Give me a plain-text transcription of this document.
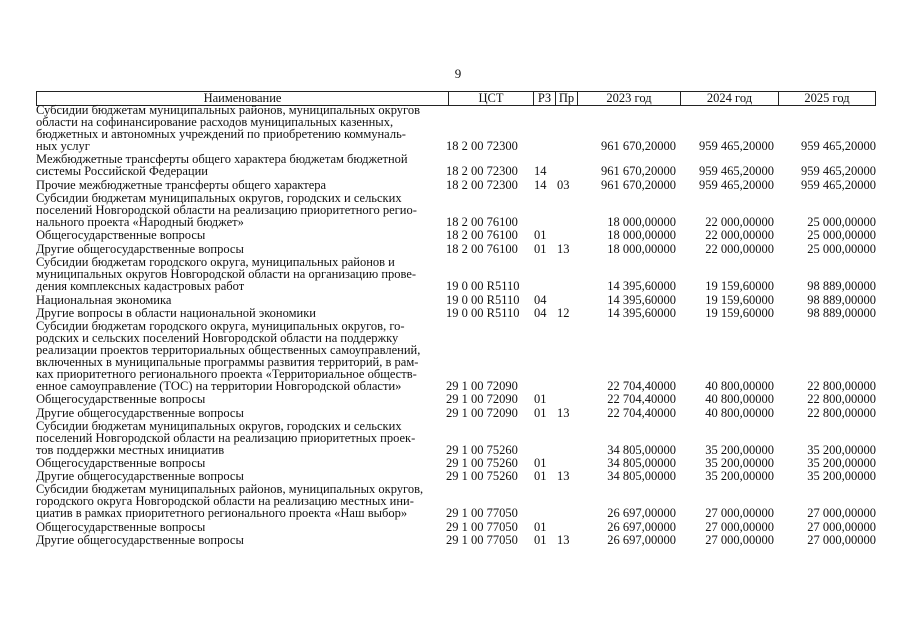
9
Наименование	ЦСТ	РЗ Пр	2023 год	2024 год	2025 год
Субсидии бюджетам муниципальных районов, муниципальных округов
области на софинансирование расходов муниципальных казенных,
бюджетных и автономных учреждений по приобретению коммуналь-
ных услуг	18 2 00 72300	961 670,20000 959 465,20000 959 465,20000
Межбюджетные трансферты общего характера бюджетам бюджетной
системы Российской Федерации	18 2 00 72300 14	961 670,20000 959 465,20000 959 465,20000
Прочие межбюджетные трансферты общего характера	18 2 00 72300 14 03	961 670,20000 959 465,20000 959 465,20000
Субсидии бюджетам муниципальных округов, городских и сельских
поселений Новгородской области на реализацию приоритетного регио-
нального проекта «Народный бюджет»	18 2 00 76100	18 000,00000 22 000,00000	25 000,00000
Общегосударственные вопросы	18 2 00 76100 01	18 000,00000 22 000,00000	25 000,00000
Другие общегосударственные вопросы	18 2 00 76100 01 13	18 000,00000 22 000,00000	25 000,00000
Субсидии бюджетам городского округа, муниципальных районов и
муниципальных округов Новгородской области на организацию прове-
дения комплексных кадастровых работ	19 0 00 R5110	14 395,60000 19 159,60000	98 889,00000
Национальная экономика	19 0 00 R5110 04	14 395,60000 19 159,60000	98 889,00000
Другие вопросы в области национальной экономики	19 0 00 R5110 04 12	14 395,60000 19 159,60000	98 889,00000
Субсидии бюджетам городского округа, муниципальных округов, го-
родских и сельских поселений Новгородской области на поддержку
реализации проектов территориальных общественных самоуправлений,
включенных в муниципальные программы развития территорий, в рам-
ках приоритетного регионального проекта «Территориальное обществ-
енное самоуправление (ТОС) на территории Новгородской области»	29 1 00 72090	22 704,40000 40 800,00000	22 800,00000
Общегосударственные вопросы	29 1 00 72090 01	22 704,40000 40 800,00000	22 800,00000
Другие общегосударственные вопросы	29 1 00 72090 01 13	22 704,40000 40 800,00000	22 800,00000
Субсидии бюджетам муниципальных округов, городских и сельских
поселений Новгородской области на реализацию приоритетных проек-
тов поддержки местных инициатив	29 1 00 75260	34 805,00000 35 200,00000	35 200,00000
Общегосударственные вопросы	29 1 00 75260 01	34 805,00000 35 200,00000	35 200,00000
Другие общегосударственные вопросы	29 1 00 75260 01 13	34 805,00000 35 200,00000	35 200,00000
Субсидии бюджетам муниципальных районов, муниципальных округов,
городского округа Новгородской области на реализацию местных ини-
циатив в рамках приоритетного регионального проекта «Наш выбор»	29 1 00 77050	26 697,00000 27 000,00000	27 000,00000
Общегосударственные вопросы	29 1 00 77050 01	26 697,00000 27 000,00000	27 000,00000
Другие общегосударственные вопросы	29 1 00 77050 01 13	26 697,00000 27 000,00000	27 000,00000
